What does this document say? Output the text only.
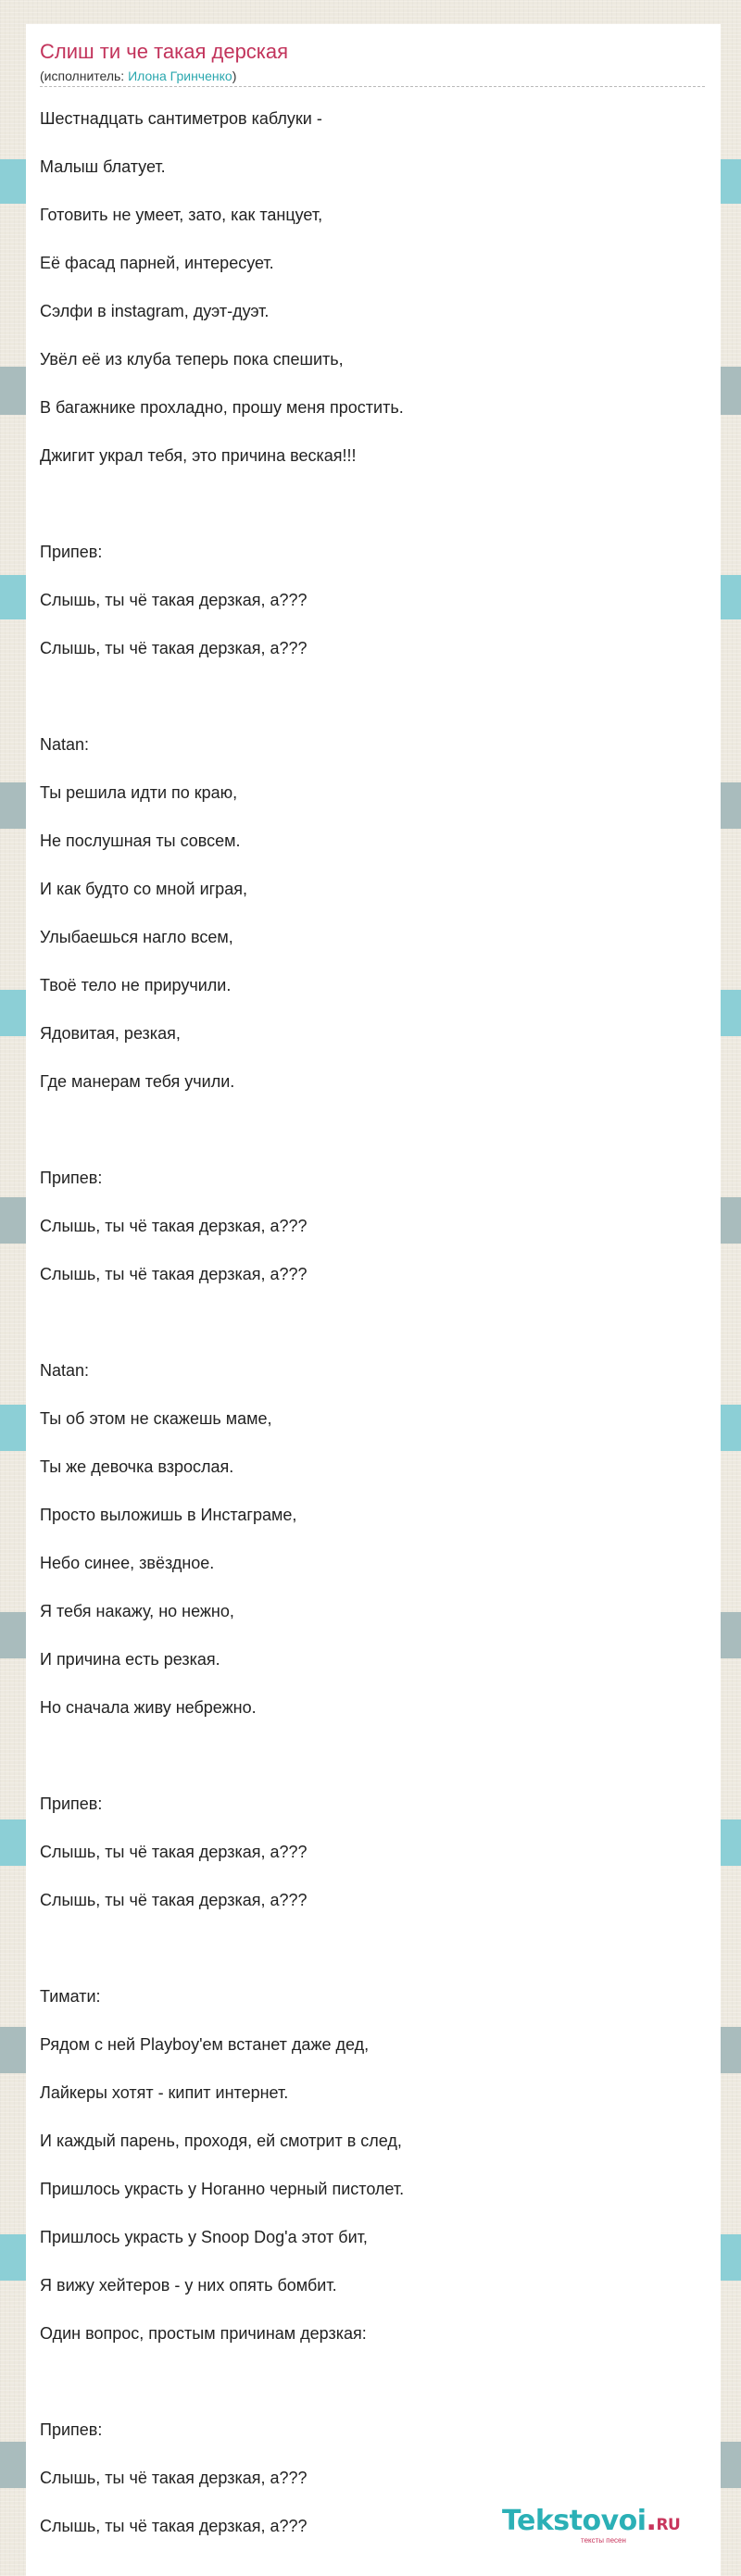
Слиш ти че такая дерская
(исполнитель: Илона Гринченко)
Шестнадцать сантиметров каблуки -
Малыш блатует.
Готовить не умеет, зато, как танцует,
Её фасад парней, интересует.
Сэлфи в instagram, дуэт-дуэт.
Увёл её из клуба теперь пока спешить,
В багажнике прохладно, прошу меня простить.
Джигит украл тебя, это причина веская!!!
Припев:
Слышь, ты чё такая дерзкая, а???
Слышь, ты чё такая дерзкая, а???
Natan:
Ты решила идти по краю,
Не послушная ты совсем.
И как будто со мной играя,
Улыбаешься нагло всем,
Твоё тело не приручили.
Ядовитая, резкая,
Где манерам тебя учили.
Припев:
Слышь, ты чё такая дерзкая, а???
Слышь, ты чё такая дерзкая, а???
Natan:
Ты об этом не скажешь маме,
Ты же девочка взрослая.
Просто выложишь в Инстаграме,
Небо синее, звёздное.
Я тебя накажу, но нежно,
И причина есть резкая.
Но сначала живу небрежно.
Припев:
Слышь, ты чё такая дерзкая, а???
Слышь, ты чё такая дерзкая, а???
Тимати:
Рядом с ней Playboy'ем встанет даже дед,
Лайкеры хотят - кипит интернет.
И каждый парень, проходя, ей смотрит в след,
Пришлось украсть у Ноганно черный пистолет.
Пришлось украсть у Snoop Dog'a этот бит,
Я вижу хейтеров - у них опять бомбит.
Один вопрос, простым причинам дерзкая:
Припев:
Слышь, ты чё такая дерзкая, а???
Слышь, ты чё такая дерзкая, а???	Tekstovoi.RU
тексты песен
